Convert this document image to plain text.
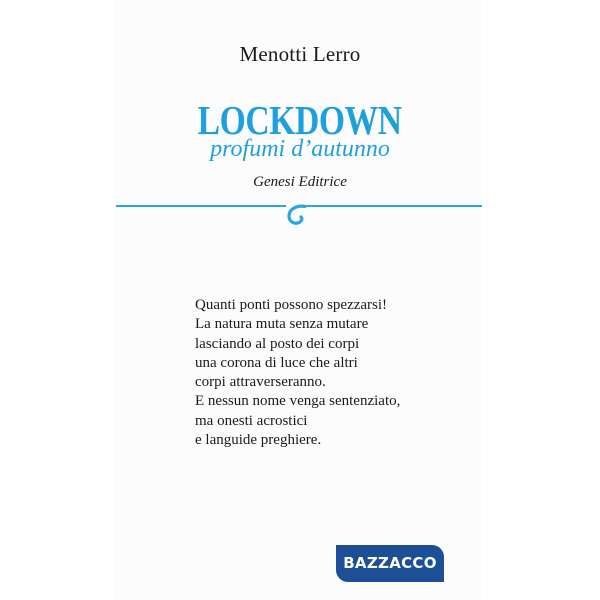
Menotti Lerro
LOCKDOWN
profumi d’autunno
Genesi Editrice
Quanti ponti possono spezzarsi!
La natura muta senza mutare
lasciando al posto dei corpi
una corona di luce che altri
corpi attraverseranno.
E nessun nome venga sentenziato,
ma onesti acrostici
e languide preghiere.
BAZZACCO
